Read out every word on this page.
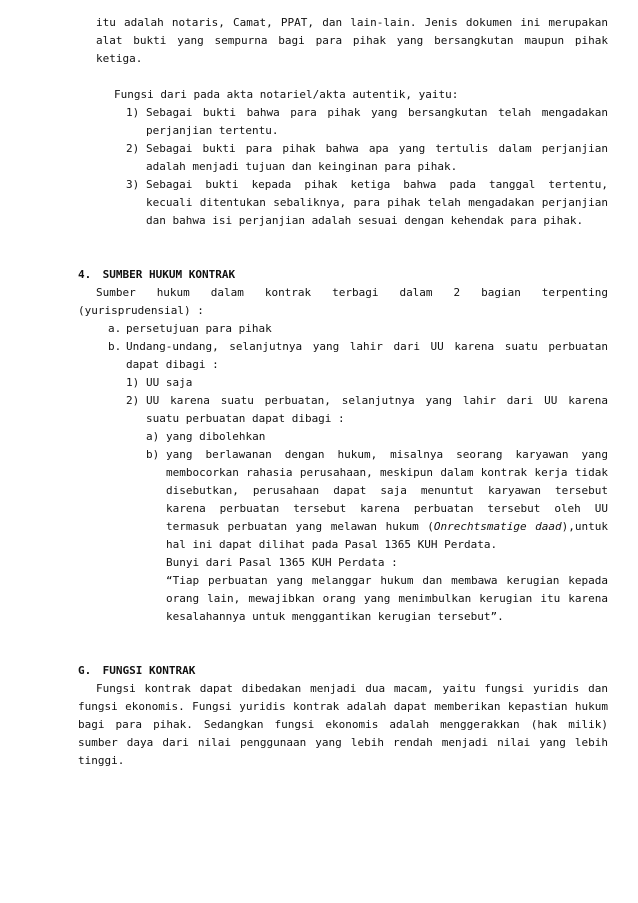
itu adalah notaris, Camat, PPAT, dan lain-lain. Jenis dokumen ini merupakan alat bukti yang sempurna bagi para pihak yang bersangkutan maupun pihak ketiga.

Fungsi dari pada akta notariel/akta autentik, yaitu:

1) Sebagai bukti bahwa para pihak yang bersangkutan telah mengadakan perjanjian tertentu.
2) Sebagai bukti para pihak bahwa apa yang tertulis dalam perjanjian adalah menjadi tujuan dan keinginan para pihak.
3) Sebagai bukti kepada pihak ketiga bahwa pada tanggal tertentu, kecuali ditentukan sebaliknya, para pihak telah mengadakan perjanjian dan bahwa isi perjanjian adalah sesuai dengan kehendak para pihak.
4. SUMBER HUKUM KONTRAK

Sumber hukum dalam kontrak terbagi dalam 2 bagian terpenting (yurisprudensial) :

a. persetujuan para pihak
b. Undang-undang, selanjutnya yang lahir dari UU karena suatu perbuatan dapat dibagi :
1) UU saja
2) UU karena suatu perbuatan, selanjutnya yang lahir dari UU karena suatu perbuatan dapat dibagi :
a) yang dibolehkan
b) yang berlawanan dengan hukum, misalnya seorang karyawan yang membocorkan rahasia perusahaan, meskipun dalam kontrak kerja tidak disebutkan, perusahaan dapat saja menuntut karyawan tersebut karena perbuatan tersebut karena perbuatan tersebut oleh UU termasuk perbuatan yang melawan hukum (Onrechtsmatige daad),untuk hal ini dapat dilihat pada Pasal 1365 KUH Perdata.

Bunyi dari Pasal 1365 KUH Perdata :

“Tiap perbuatan yang melanggar hukum dan membawa kerugian kepada orang lain, mewajibkan orang yang menimbulkan kerugian itu karena kesalahannya untuk menggantikan kerugian tersebut”.

G. FUNGSI KONTRAK

Fungsi kontrak dapat dibedakan menjadi dua macam, yaitu fungsi yuridis dan fungsi ekonomis. Fungsi yuridis kontrak adalah dapat memberikan kepastian hukum bagi para pihak. Sedangkan fungsi ekonomis adalah menggerakkan (hak milik) sumber daya dari nilai penggunaan yang lebih rendah menjadi nilai yang lebih tinggi.
